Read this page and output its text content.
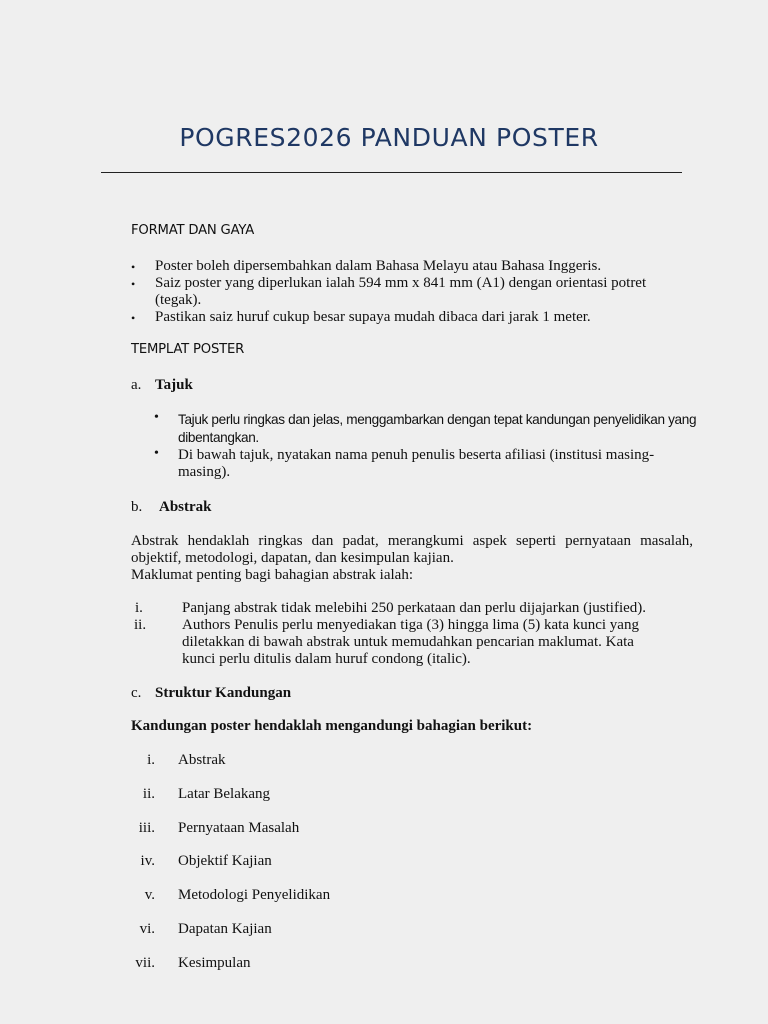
POGRES2026 PANDUAN POSTER
FORMAT DAN GAYA
• Poster boleh dipersembahkan dalam Bahasa Melayu atau Bahasa Inggeris.
• Saiz poster yang diperlukan ialah 594 mm x 841 mm (A1) dengan orientasi potret
(tegak).
• Pastikan saiz huruf cukup besar supaya mudah dibaca dari jarak 1 meter.
TEMPLAT POSTER
a. Tajuk
• Tajuk perlu ringkas dan jelas, menggambarkan dengan tepat kandungan penyelidikan yang
dibentangkan.
• Di bawah tajuk, nyatakan nama penuh penulis beserta afiliasi (institusi masing-
masing).
b. Abstrak
Abstrak hendaklah ringkas dan padat, merangkumi aspek seperti pernyataan masalah,
objektif, metodologi, dapatan, dan kesimpulan kajian.
Maklumat penting bagi bahagian abstrak ialah:
i.	Panjang abstrak tidak melebihi 250 perkataan dan perlu dijajarkan (justified).
ii. Authors Penulis perlu menyediakan tiga (3) hingga lima (5) kata kunci yang
diletakkan di bawah abstrak untuk memudahkan pencarian maklumat. Kata
kunci perlu ditulis dalam huruf condong (italic).
c. Struktur Kandungan
Kandungan poster hendaklah mengandungi bahagian berikut:
i. Abstrak
ii. Latar Belakang
iii. Pernyataan Masalah
iv. Objektif Kajian
v. Metodologi Penyelidikan
vi. Dapatan Kajian
vii. Kesimpulan
